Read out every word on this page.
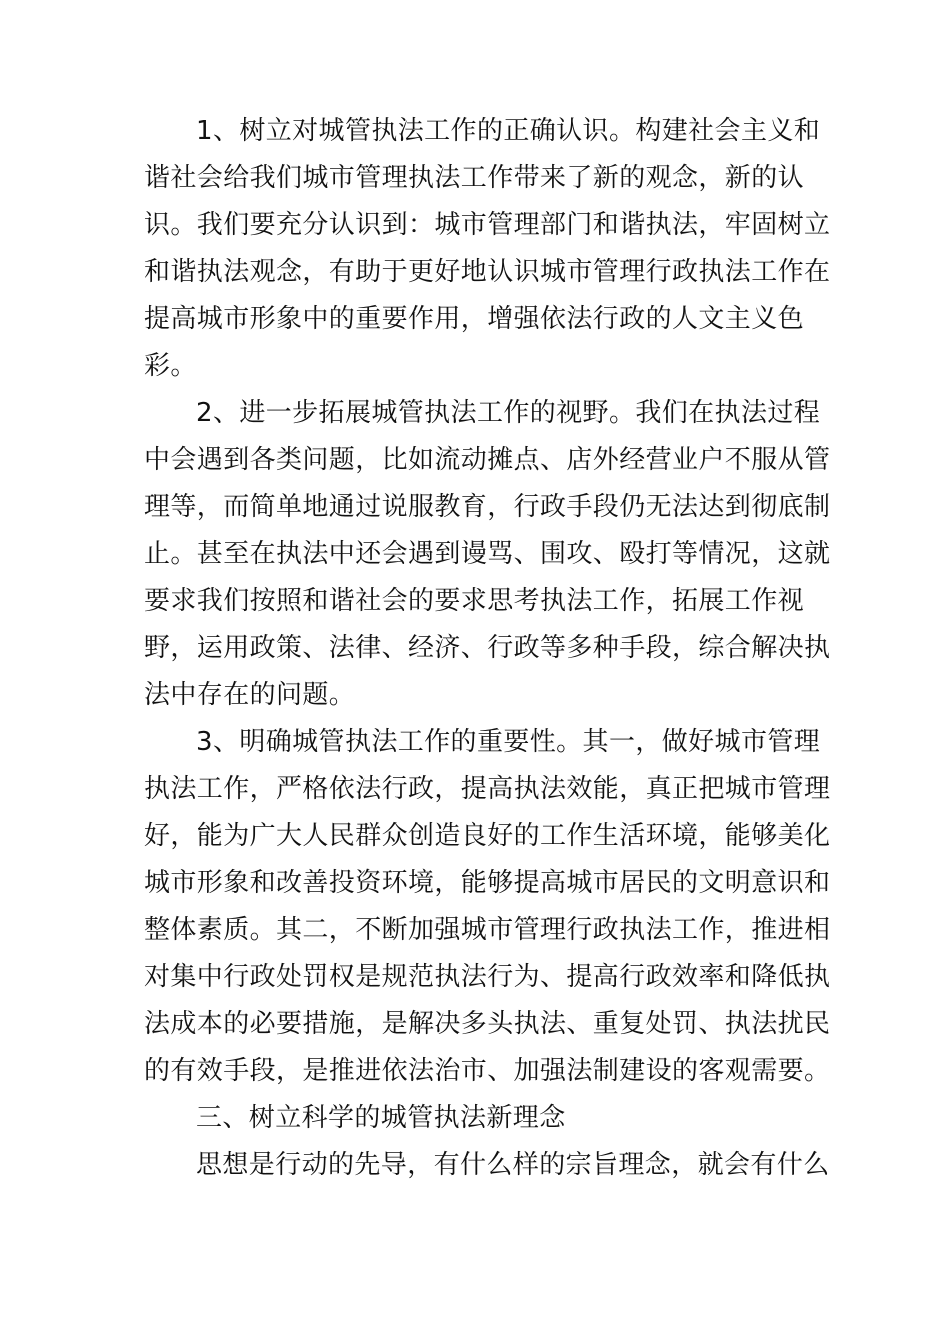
1、树立对城管执法工作的正确认识。构建社会主义和
谐社会给我们城市管理执法工作带来了新的观念，新的认
识。我们要充分认识到：城市管理部门和谐执法，牢固树立
和谐执法观念，有助于更好地认识城市管理行政执法工作在
提高城市形象中的重要作用，增强依法行政的人文主义色
彩。
2、进一步拓展城管执法工作的视野。我们在执法过程
中会遇到各类问题，比如流动摊点、店外经营业户不服从管
理等，而简单地通过说服教育，行政手段仍无法达到彻底制
止。甚至在执法中还会遇到谩骂、围攻、殴打等情况，这就
要求我们按照和谐社会的要求思考执法工作，拓展工作视
野，运用政策、法律、经济、行政等多种手段，综合解决执
法中存在的问题。
3、明确城管执法工作的重要性。其一，做好城市管理
执法工作，严格依法行政，提高执法效能，真正把城市管理
好，能为广大人民群众创造良好的工作生活环境，能够美化
城市形象和改善投资环境，能够提高城市居民的文明意识和
整体素质。其二，不断加强城市管理行政执法工作，推进相
对集中行政处罚权是规范执法行为、提高行政效率和降低执
法成本的必要措施，是解决多头执法、重复处罚、执法扰民
的有效手段，是推进依法治市、加强法制建设的客观需要。
三、树立科学的城管执法新理念
思想是行动的先导，有什么样的宗旨理念，就会有什么
